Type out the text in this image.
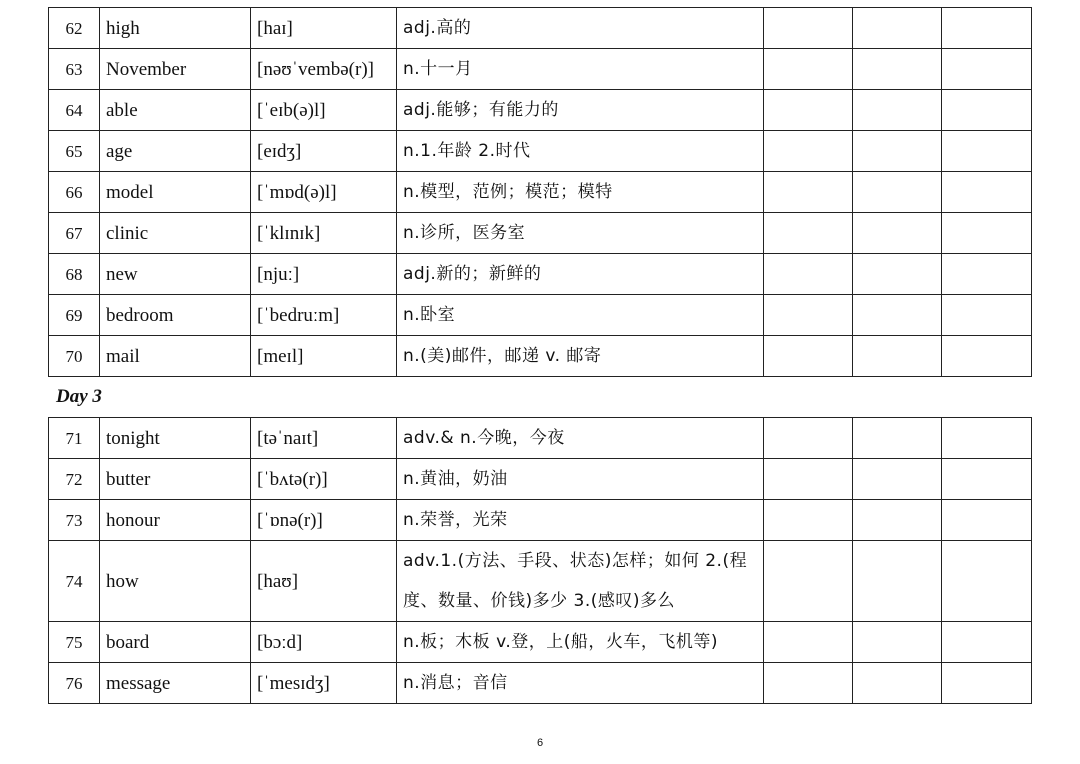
62	high	[haɪ]	adj.高的			
63	November	[nəʊˈvembə(r)]	n.十一月			
64	able	[ˈeɪb(ə)l]	adj.能够；有能力的			
65	age	[eɪdʒ]	n.1.年龄 2.时代			
66	model	[ˈmɒd(ə)l]	n.模型，范例；模范；模特			
67	clinic	[ˈklɪnɪk]	n.诊所，医务室			
68	new	[njuː]	adj.新的；新鲜的			
69	bedroom	[ˈbedruːm]	n.卧室			
70	mail	[meɪl]	n.(美)邮件，邮递 v. 邮寄			
Day 3
71	tonight	[təˈnaɪt]	adv.& n.今晚，今夜			
72	butter	[ˈbʌtə(r)]	n.黄油，奶油			
73	honour	[ˈɒnə(r)]	n.荣誉，光荣			
74	how	[haʊ]	adv.1.(方法、手段、状态)怎样；如何 2.(程度、数量、价钱)多少 3.(感叹)多么			
75	board	[bɔːd]	n.板；木板 v.登，上(船，火车，飞机等)			
76	message	[ˈmesɪdʒ]	n.消息；音信			
6
